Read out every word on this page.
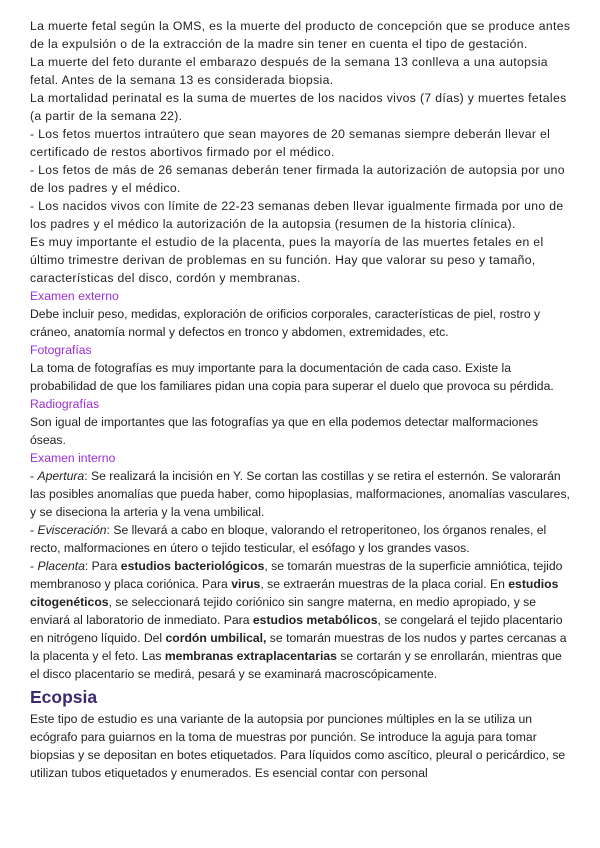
La muerte fetal según la OMS, es la muerte del producto de concepción que se produce antes de la expulsión o de la extracción de la madre sin tener en cuenta el tipo de gestación.

La muerte del feto durante el embarazo después de la semana 13 conlleva a una autopsia fetal. Antes de la semana 13 es considerada biopsia.

La mortalidad perinatal es la suma de muertes de los nacidos vivos (7 días) y muertes fetales (a partir de la semana 22).

- Los fetos muertos intraútero que sean mayores de 20 semanas siempre deberán llevar el certificado de restos abortivos firmado por el médico.

- Los fetos de más de 26 semanas deberán tener firmada la autorización de autopsia por uno de los padres y el médico.

- Los nacidos vivos con límite de 22-23 semanas deben llevar igualmente firmada por uno de los padres y el médico la autorización de la autopsia (resumen de la historia clínica).

Es muy importante el estudio de la placenta, pues la mayoría de las muertes fetales en el último trimestre derivan de problemas en su función. Hay que valorar su peso y tamaño, características del disco, cordón y membranas.

Examen externo

Debe incluir peso, medidas, exploración de orificios corporales, características de piel, rostro y cráneo, anatomía normal y defectos en tronco y abdomen, extremidades, etc.

Fotografías

La toma de fotografías es muy importante para la documentación de cada caso. Existe la probabilidad de que los familiares pidan una copia para superar el duelo que provoca su pérdida.

Radiografías

Son igual de importantes que las fotografías ya que en ella podemos detectar malformaciones óseas.

Examen interno

- Apertura: Se realizará la incisión en Y. Se cortan las costillas y se retira el esternón. Se valorarán las posibles anomalías que pueda haber, como hipoplasias, malformaciones, anomalías vasculares, y se diseciona la arteria y la vena umbilical.

- Evisceración: Se llevará a cabo en bloque, valorando el retroperitoneo, los órganos renales, el recto, malformaciones en útero o tejido testicular, el esófago y los grandes vasos.

- Placenta: Para estudios bacteriológicos, se tomarán muestras de la superficie amniótica, tejido membranoso y placa coriónica. Para virus, se extraerán muestras de la placa corial. En estudios citogenéticos, se seleccionará tejido coriónico sin sangre materna, en medio apropiado, y se enviará al laboratorio de inmediato. Para estudios metabólicos, se congelará el tejido placentario en nitrógeno líquido. Del cordón umbilical, se tomarán muestras de los nudos y partes cercanas a la placenta y el feto. Las membranas extraplacentarias se cortarán y se enrollarán, mientras que el disco placentario se medirá, pesará y se examinará macroscópicamente.

Ecopsia

Este tipo de estudio es una variante de la autopsia por punciones múltiples en la se utiliza un ecógrafo para guiarnos en la toma de muestras por punción. Se introduce la aguja para tomar biopsias y se depositan en botes etiquetados. Para líquidos como ascítico, pleural o pericárdico, se utilizan tubos etiquetados y enumerados. Es esencial contar con personal
